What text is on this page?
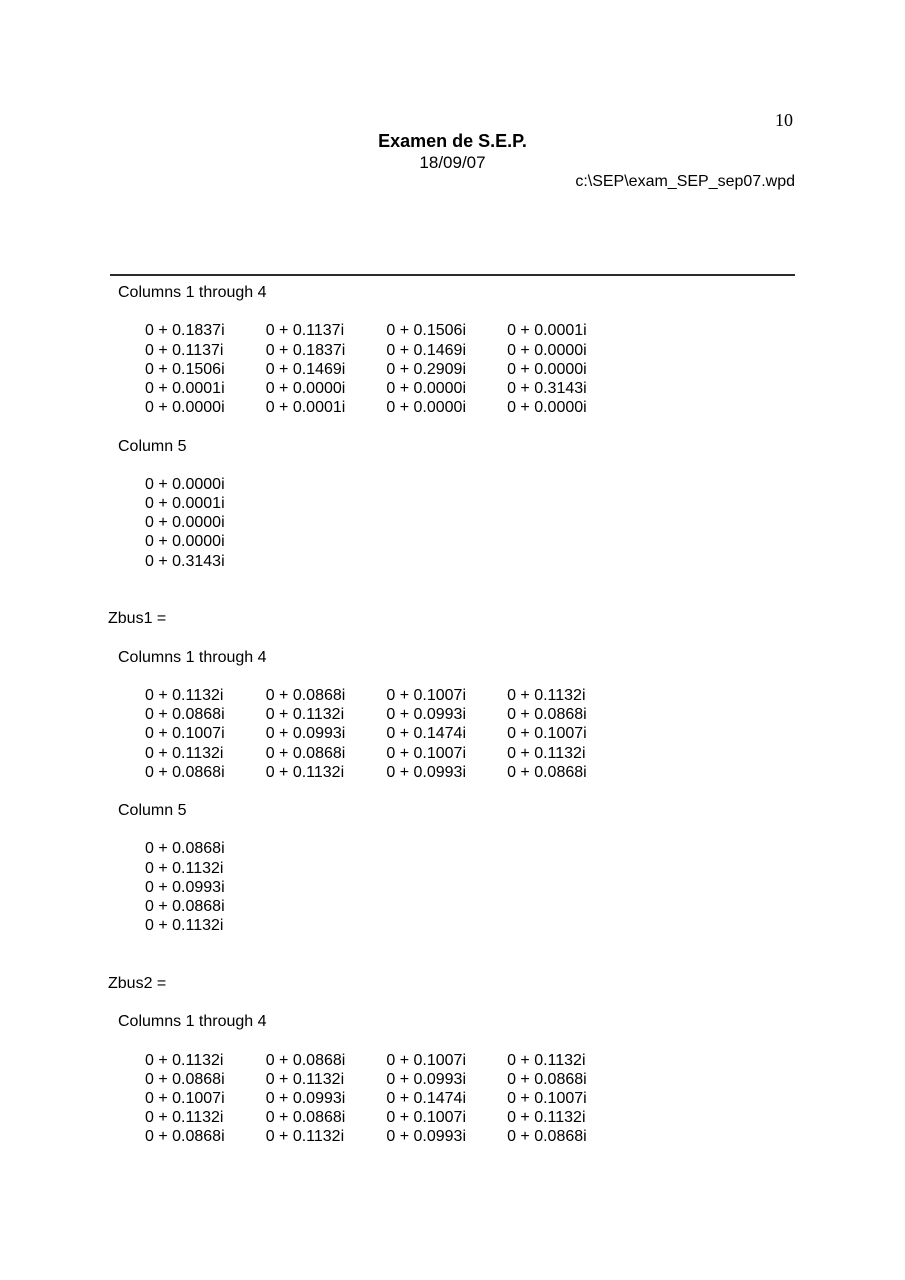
10
Examen de S.E.P.
18/09/07
c:\SEP\exam_SEP_sep07.wpd
Columns 1 through 4
0 + 0.1837i	0 + 0.1137i	0 + 0.1506i	0 + 0.0001i
0 + 0.1137i	0 + 0.1837i	0 + 0.1469i	0 + 0.0000i
0 + 0.1506i	0 + 0.1469i	0 + 0.2909i	0 + 0.0000i
0 + 0.0001i	0 + 0.0000i	0 + 0.0000i	0 + 0.3143i
0 + 0.0000i	0 + 0.0001i	0 + 0.0000i	0 + 0.0000i
Column 5
0 + 0.0000i
0 + 0.0001i
0 + 0.0000i
0 + 0.0000i
0 + 0.3143i
Zbus1 =
Columns 1 through 4
0 + 0.1132i	0 + 0.0868i	0 + 0.1007i	0 + 0.1132i
0 + 0.0868i	0 + 0.1132i	0 + 0.0993i	0 + 0.0868i
0 + 0.1007i	0 + 0.0993i	0 + 0.1474i	0 + 0.1007i
0 + 0.1132i	0 + 0.0868i	0 + 0.1007i	0 + 0.1132i
0 + 0.0868i	0 + 0.1132i	0 + 0.0993i	0 + 0.0868i
Column 5
0 + 0.0868i
0 + 0.1132i
0 + 0.0993i
0 + 0.0868i
0 + 0.1132i
Zbus2 =
Columns 1 through 4
0 + 0.1132i	0 + 0.0868i	0 + 0.1007i	0 + 0.1132i
0 + 0.0868i	0 + 0.1132i	0 + 0.0993i	0 + 0.0868i
0 + 0.1007i	0 + 0.0993i	0 + 0.1474i	0 + 0.1007i
0 + 0.1132i	0 + 0.0868i	0 + 0.1007i	0 + 0.1132i
0 + 0.0868i	0 + 0.1132i	0 + 0.0993i	0 + 0.0868i
